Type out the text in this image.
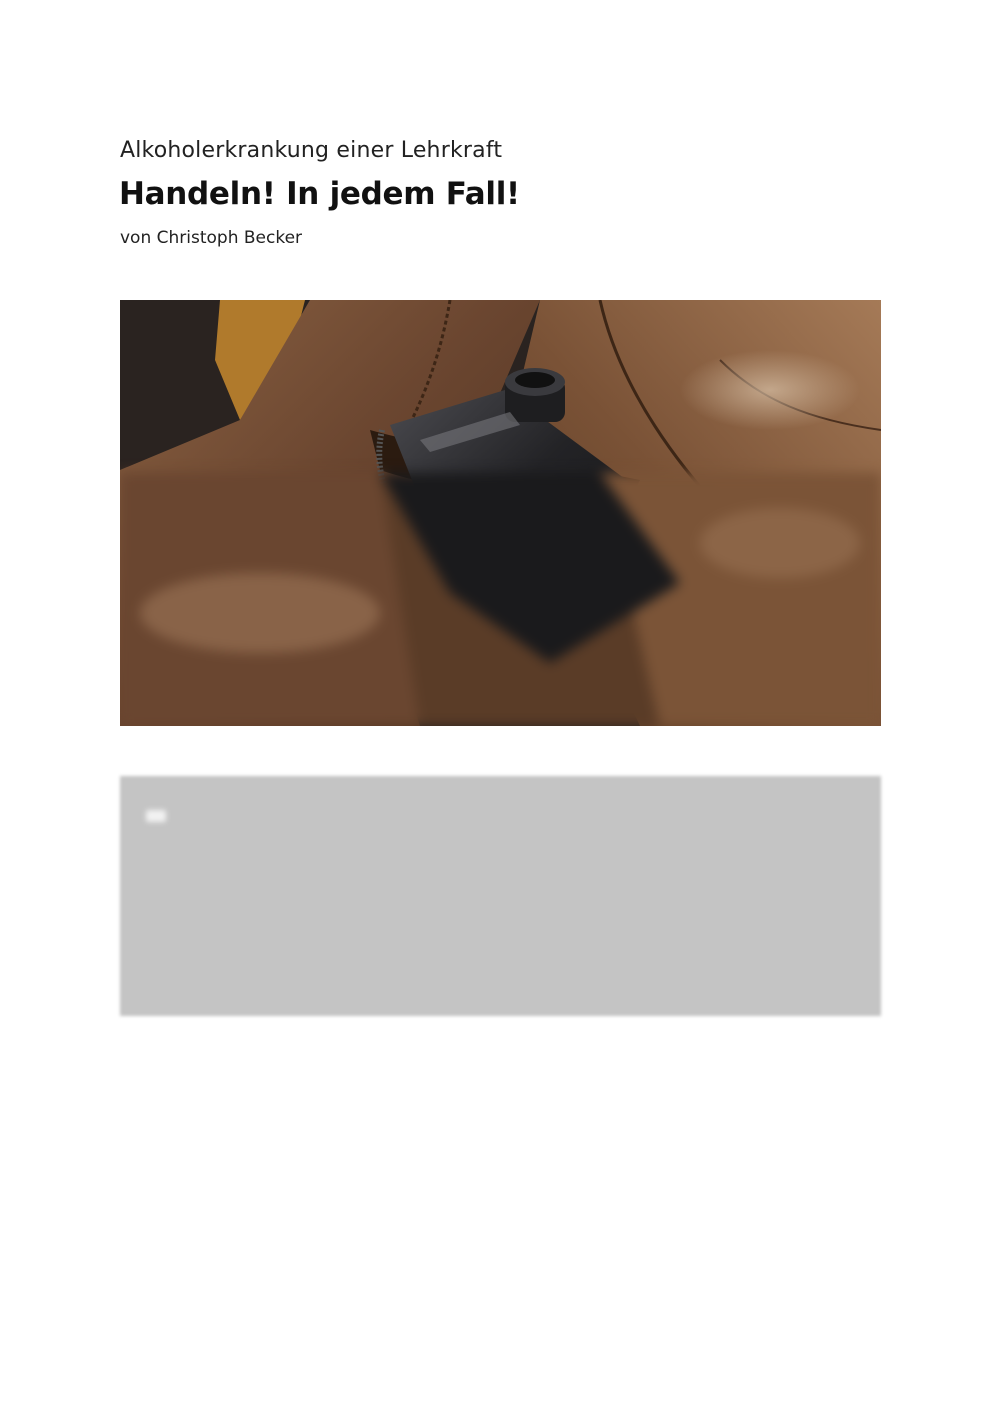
Alkoholerkrankung einer Lehrkraft
Handeln! In jedem Fall!
von Christoph Becker
